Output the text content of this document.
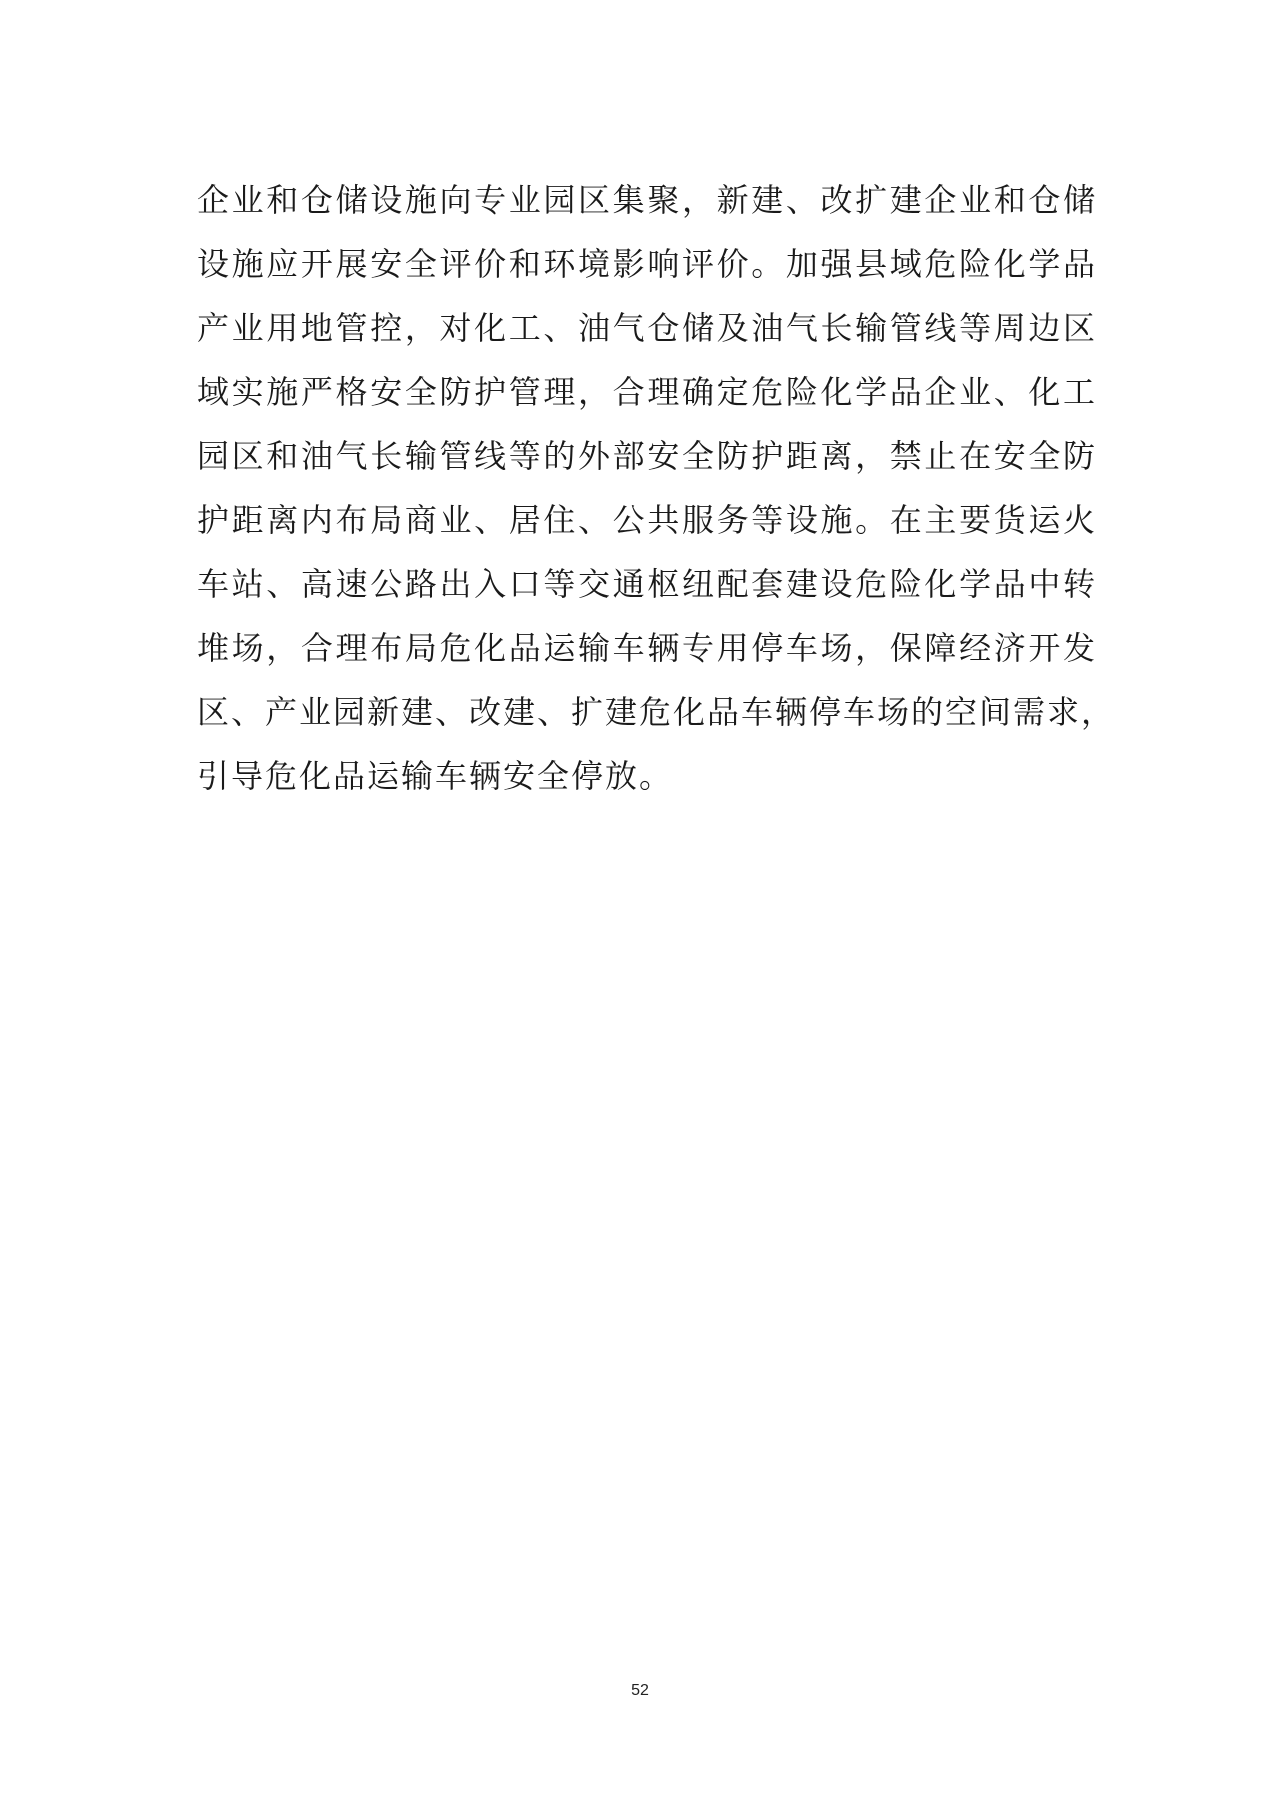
企业和仓储设施向专业园区集聚，新建、改扩建企业和仓储
设施应开展安全评价和环境影响评价。加强县域危险化学品
产业用地管控，对化工、油气仓储及油气长输管线等周边区
域实施严格安全防护管理，合理确定危险化学品企业、化工
园区和油气长输管线等的外部安全防护距离，禁止在安全防
护距离内布局商业、居住、公共服务等设施。在主要货运火
车站、高速公路出入口等交通枢纽配套建设危险化学品中转
堆场，合理布局危化品运输车辆专用停车场，保障经济开发
区、产业园新建、改建、扩建危化品车辆停车场的空间需求，
引导危化品运输车辆安全停放。
52
